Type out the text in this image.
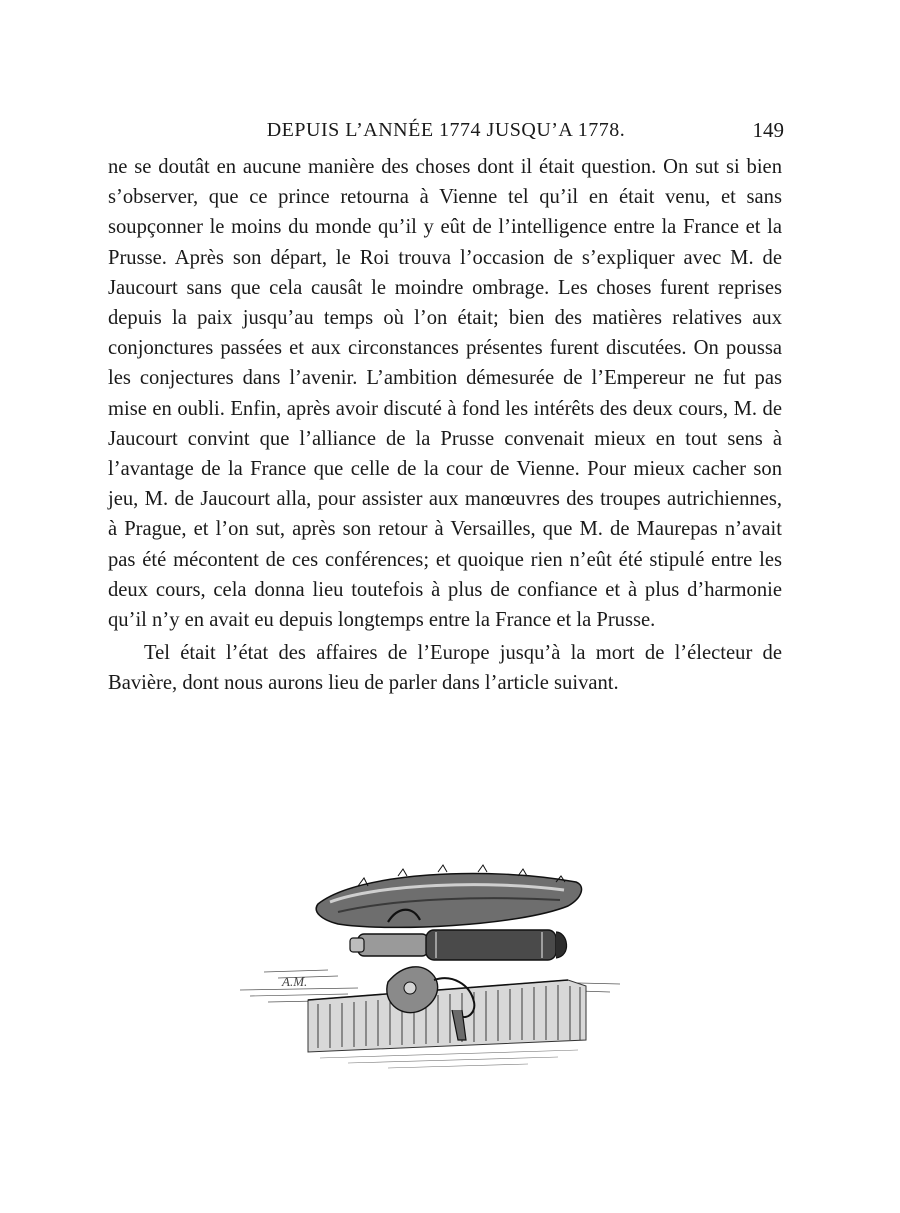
DEPUIS L’ANNÉE 1774 JUSQU’A 1778.	149

ne se doutât en aucune manière des choses dont il était question. On sut si bien s’observer, que ce prince retourna à Vienne tel qu’il en était venu, et sans soupçonner le moins du monde qu’il y eût de l’intelligence entre la France et la Prusse. Après son départ, le Roi trouva l’occasion de s’expliquer avec M. de Jaucourt sans que cela causât le moindre ombrage. Les choses furent reprises depuis la paix jusqu’au temps où l’on était; bien des matières relatives aux conjonctures passées et aux circonstances présentes furent discutées. On poussa les conjectures dans l’avenir. L’ambition démesurée de l’Empereur ne fut pas mise en oubli. Enfin, après avoir discuté à fond les intérêts des deux cours, M. de Jaucourt convint que l’alliance de la Prusse convenait mieux en tout sens à l’avantage de la France que celle de la cour de Vienne. Pour mieux cacher son jeu, M. de Jaucourt alla, pour assister aux manœuvres des troupes autrichiennes, à Prague, et l’on sut, après son retour à Versailles, que M. de Maurepas n’avait pas été mécontent de ces conférences; et quoique rien n’eût été stipulé entre les deux cours, cela donna lieu toutefois à plus de confiance et à plus d’harmonie qu’il n’y en avait eu depuis longtemps entre la France et la Prusse.

Tel était l’état des affaires de l’Europe jusqu’à la mort de l’électeur de Bavière, dont nous aurons lieu de parler dans l’article suivant.

A.M.
